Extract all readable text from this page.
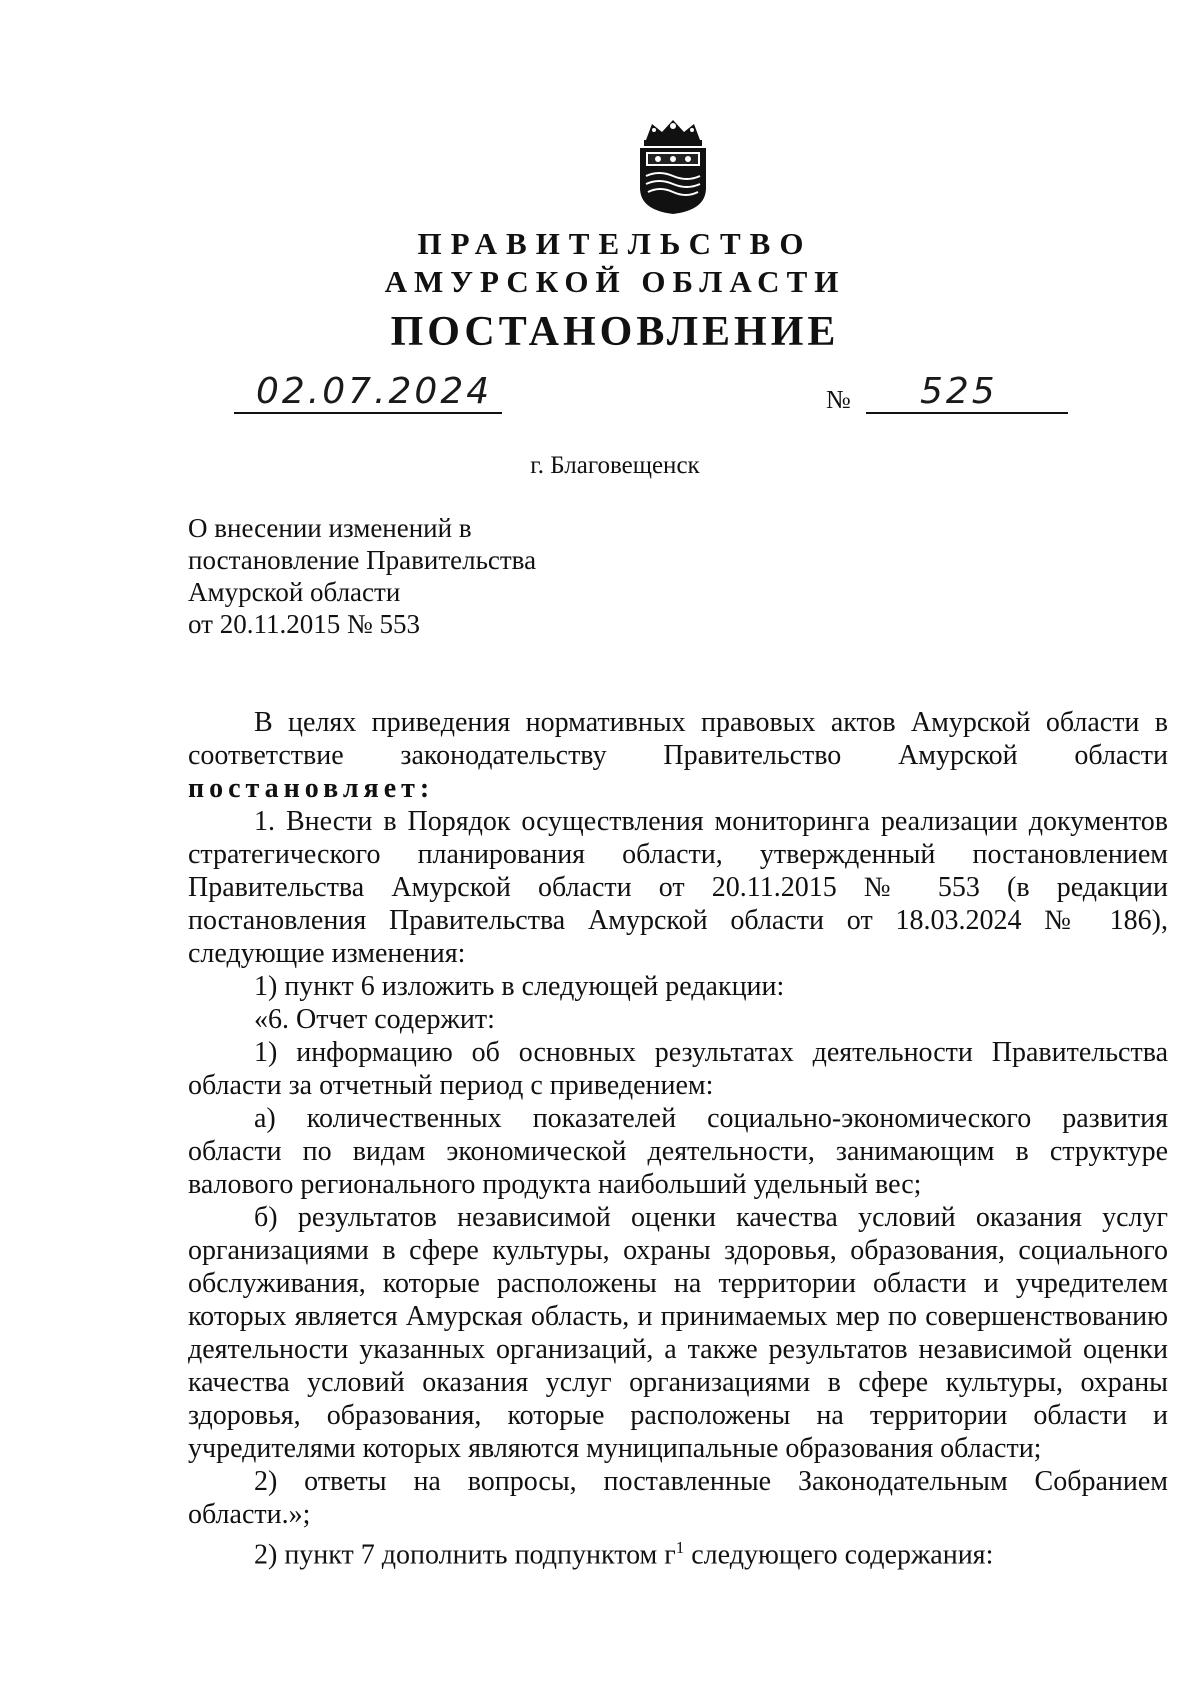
ПРАВИТЕЛЬСТВО
АМУРСКОЙ ОБЛАСТИ
ПОСТАНОВЛЕНИЕ
02.07.2024	№ 525
г. Благовещенск
О внесении изменений в
постановление Правительства
Амурской области
от 20.11.2015 № 553

В целях приведения нормативных правовых актов Амурской области в соответствие законодательству Правительство Амурской области

постановляет:

1. Внести в Порядок осуществления мониторинга реализации документов стратегического планирования области, утвержденный постановлением Правительства Амурской области от 20.11.2015 № 553 (в редакции постановления Правительства Амурской области от 18.03.2024 № 186), следующие изменения:

1) пункт 6 изложить в следующей редакции:

«6. Отчет содержит:

1) информацию об основных результатах деятельности Правительства области за отчетный период с приведением:

а) количественных показателей социально-экономического развития области по видам экономической деятельности, занимающим в структуре валового регионального продукта наибольший удельный вес;

б) результатов независимой оценки качества условий оказания услуг организациями в сфере культуры, охраны здоровья, образования, социального обслуживания, которые расположены на территории области и учредителем которых является Амурская область, и принимаемых мер по совершенствованию деятельности указанных организаций, а также результатов независимой оценки качества условий оказания услуг организациями в сфере культуры, охраны здоровья, образования, которые расположены на территории области и учредителями которых являются муниципальные образования области;

2) ответы на вопросы, поставленные Законодательным Собранием области.»;

2) пункт 7 дополнить подпунктом $г^1$ следующего содержания:
